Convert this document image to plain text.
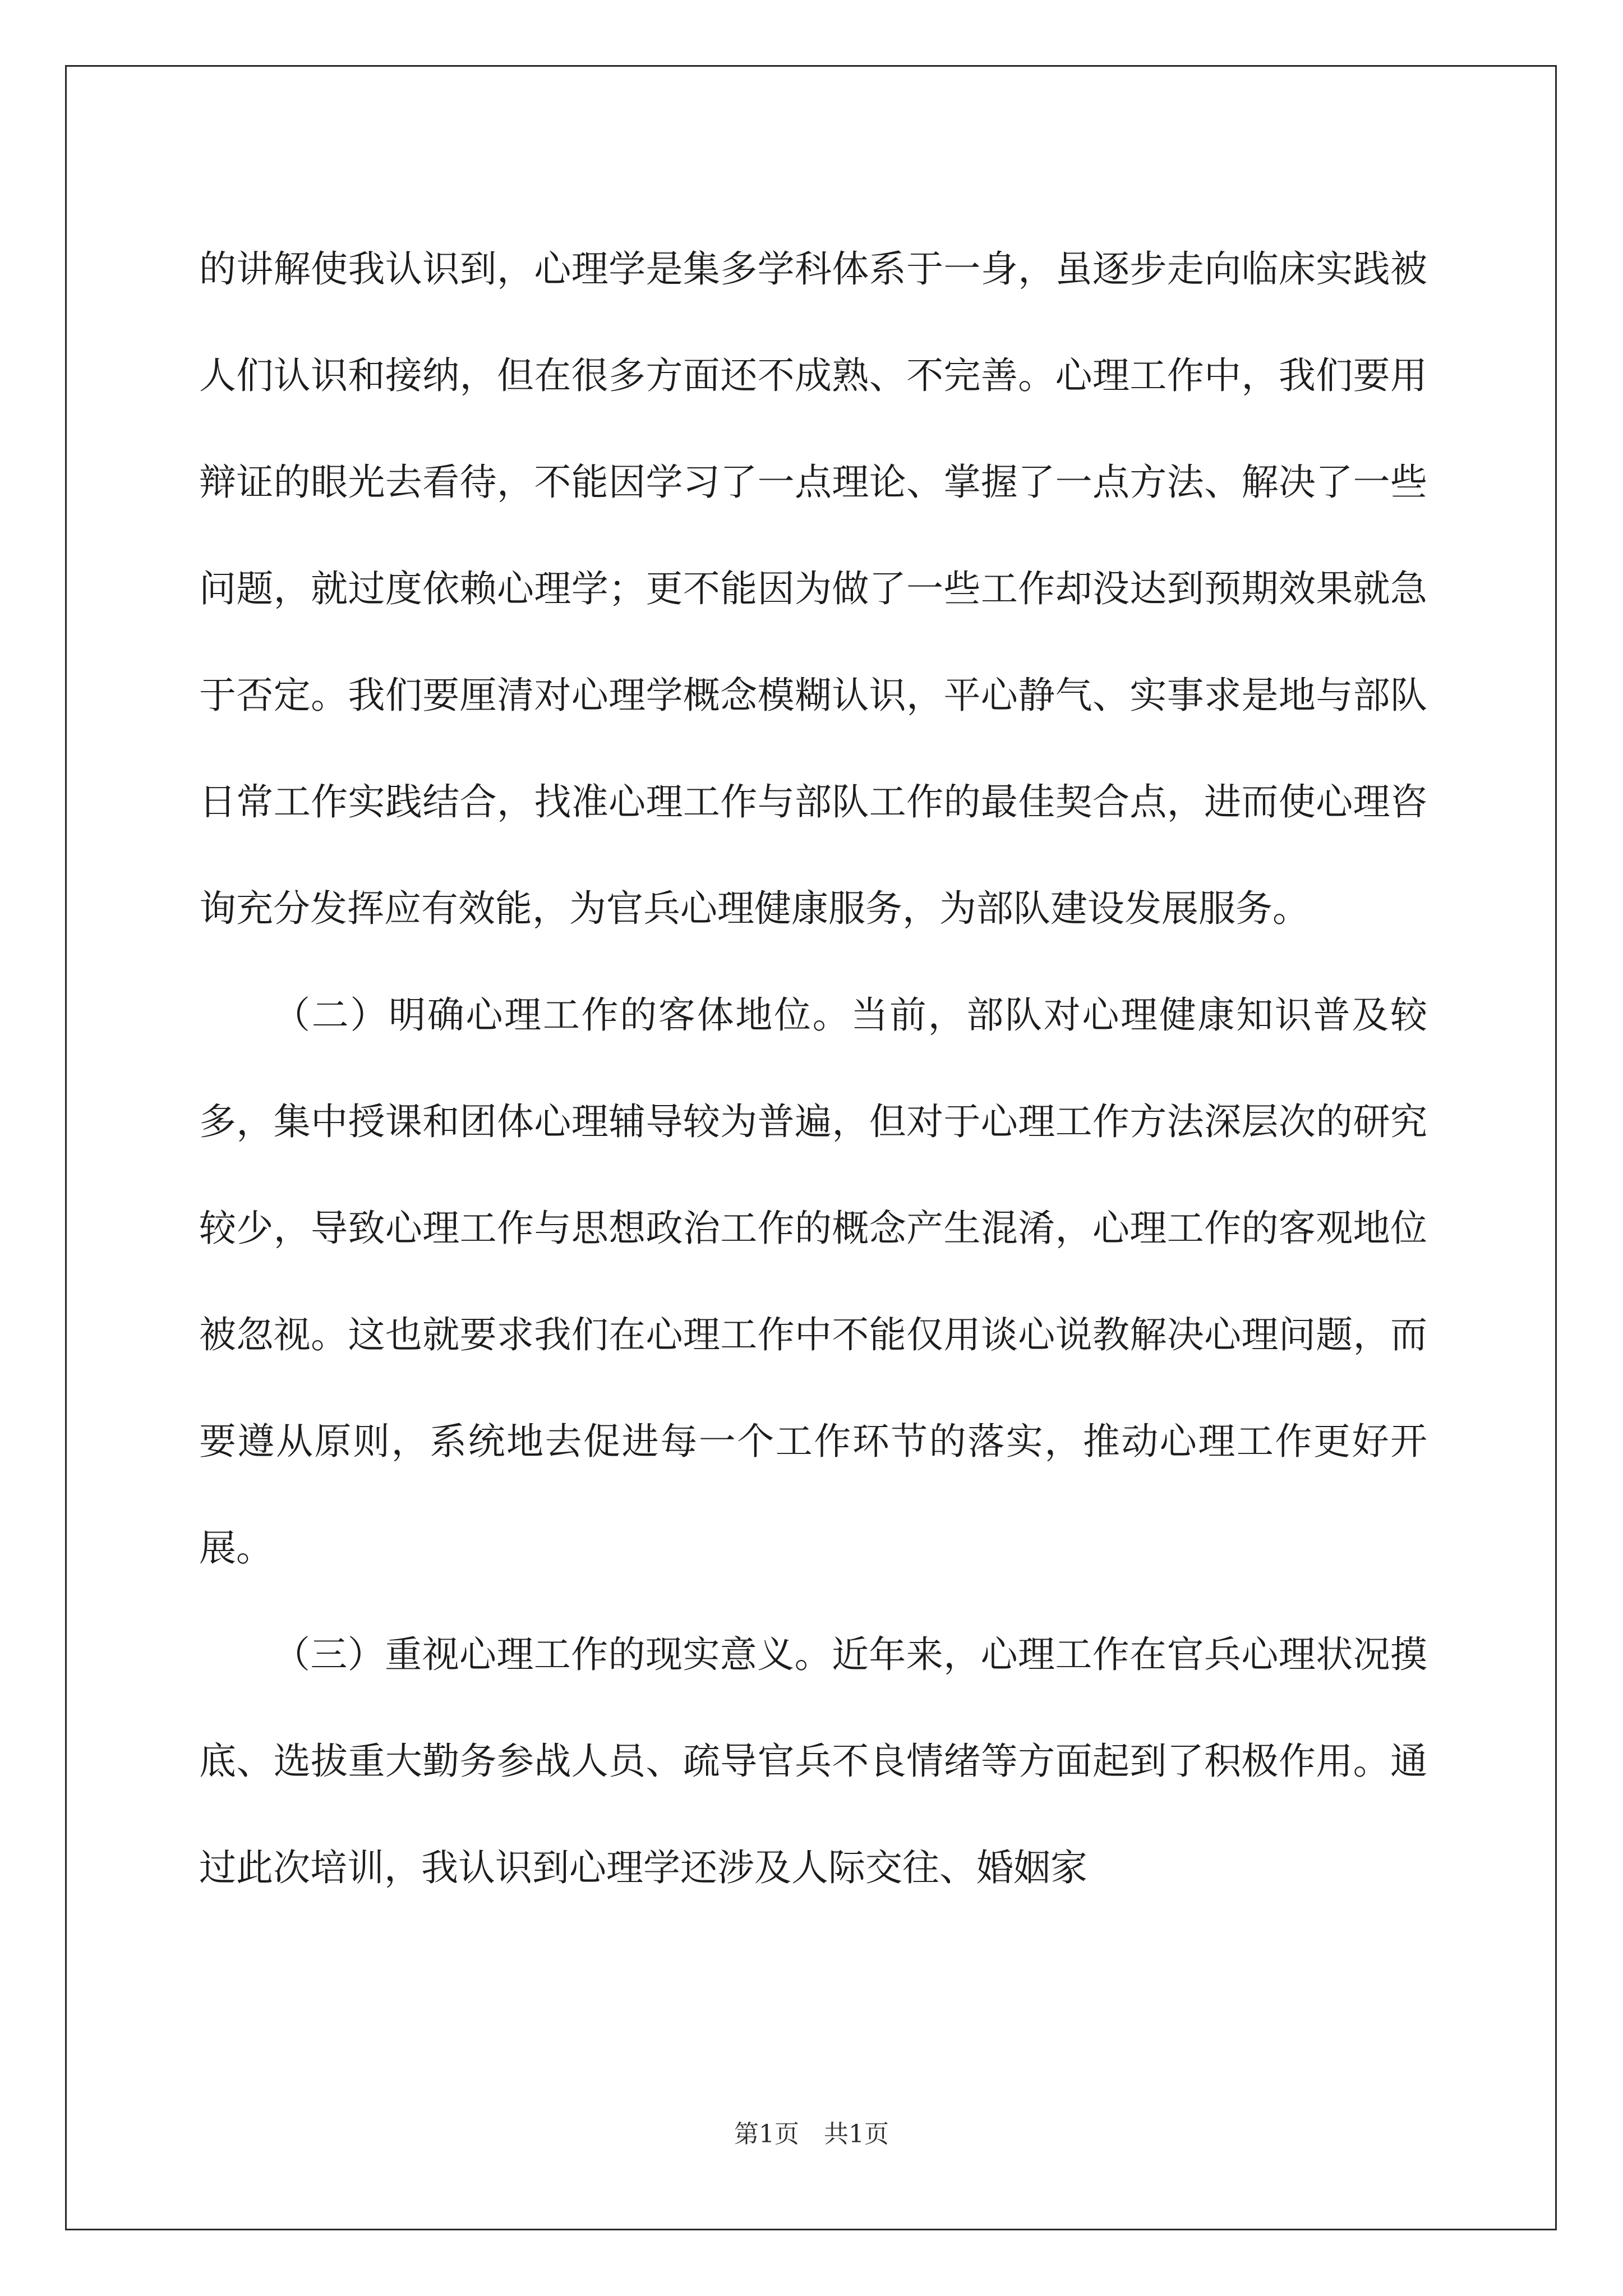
的讲解使我认识到，心理学是集多学科体系于一身，虽逐步走向临床实践被人们认识和接纳，但在很多方面还不成熟、不完善。心理工作中，我们要用辩证的眼光去看待，不能因学习了一点理论、掌握了一点方法、解决了一些问题，就过度依赖心理学；更不能因为做了一些工作却没达到预期效果就急于否定。我们要厘清对心理学概念模糊认识，平心静气、实事求是地与部队日常工作实践结合，找准心理工作与部队工作的最佳契合点，进而使心理咨询充分发挥应有效能，为官兵心理健康服务，为部队建设发展服务。

（二）明确心理工作的客体地位。当前，部队对心理健康知识普及较多，集中授课和团体心理辅导较为普遍，但对于心理工作方法深层次的研究较少，导致心理工作与思想政治工作的概念产生混淆，心理工作的客观地位被忽视。这也就要求我们在心理工作中不能仅用谈心说教解决心理问题，而要遵从原则，系统地去促进每一个工作环节的落实，推动心理工作更好开展。

（三）重视心理工作的现实意义。近年来，心理工作在官兵心理状况摸底、选拔重大勤务参战人员、疏导官兵不良情绪等方面起到了积极作用。通过此次培训，我认识到心理学还涉及人际交往、婚姻家

第1页 共1页
